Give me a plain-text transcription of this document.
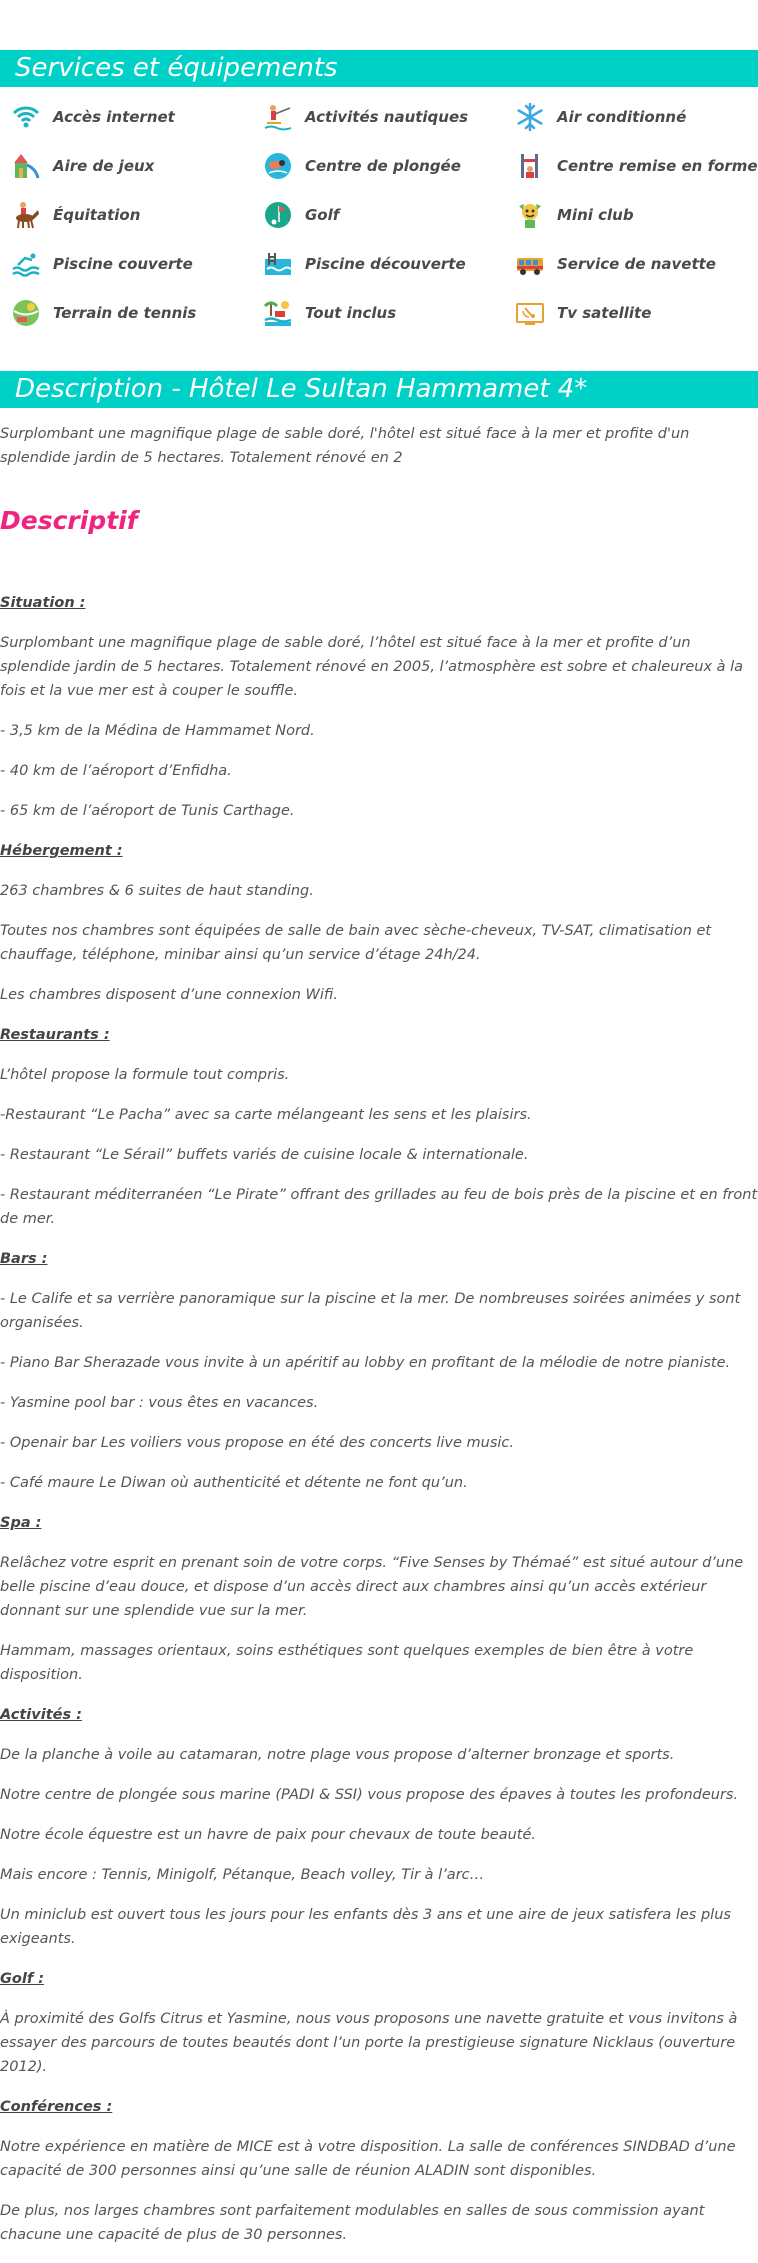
Services et équipements
Accès internet	Activités nautiques	Air conditionné
Aire de jeux	Centre de plongée	Centre remise en forme
Équitation	Golf	Mini club
Piscine couverte	Piscine découverte	Service de navette
Terrain de tennis	Tout inclus	Tv satellite
Description - Hôtel Le Sultan Hammamet 4*

Surplombant une magnifique plage de sable doré, l'hôtel est situé face à la mer et profite d'un splendide jardin de 5 hectares. Totalement rénové en 2

Descriptif

Situation :

Surplombant une magnifique plage de sable doré, l’hôtel est situé face à la mer et profite d’un splendide jardin de 5 hectares. Totalement rénové en 2005, l’atmosphère est sobre et chaleureux à la fois et la vue mer est à couper le souffle.

- 3,5 km de la Médina de Hammamet Nord.

- 40 km de l’aéroport d’Enfidha.

- 65 km de l’aéroport de Tunis Carthage.

Hébergement :

263 chambres & 6 suites de haut standing.

Toutes nos chambres sont équipées de salle de bain avec sèche-cheveux, TV-SAT, climatisation et chauffage, téléphone, minibar ainsi qu’un service d’étage 24h/24.

Les chambres disposent d’une connexion Wifi.

Restaurants :

L’hôtel propose la formule tout compris.

-Restaurant “Le Pacha” avec sa carte mélangeant les sens et les plaisirs.

- Restaurant “Le Sérail” buffets variés de cuisine locale & internationale.

- Restaurant méditerranéen “Le Pirate” offrant des grillades au feu de bois près de la piscine et en front de mer.

Bars :

- Le Calife et sa verrière panoramique sur la piscine et la mer. De nombreuses soirées animées y sont organisées.

- Piano Bar Sherazade vous invite à un apéritif au lobby en profitant de la mélodie de notre pianiste.

- Yasmine pool bar : vous êtes en vacances.

- Openair bar Les voiliers vous propose en été des concerts live music.

- Café maure Le Diwan où authenticité et détente ne font qu’un.

Spa :

Relâchez votre esprit en prenant soin de votre corps. “Five Senses by Thémaé” est situé autour d’une belle piscine d’eau douce, et dispose d’un accès direct aux chambres ainsi qu’un accès extérieur donnant sur une splendide vue sur la mer.

Hammam, massages orientaux, soins esthétiques sont quelques exemples de bien être à votre disposition.

Activités :

De la planche à voile au catamaran, notre plage vous propose d’alterner bronzage et sports.

Notre centre de plongée sous marine (PADI & SSI) vous propose des épaves à toutes les profondeurs.

Notre école équestre est un havre de paix pour chevaux de toute beauté.

Mais encore : Tennis, Minigolf, Pétanque, Beach volley, Tir à l’arc…

Un miniclub est ouvert tous les jours pour les enfants dès 3 ans et une aire de jeux satisfera les plus exigeants.

Golf :

À proximité des Golfs Citrus et Yasmine, nous vous proposons une navette gratuite et vous invitons à essayer des parcours de toutes beautés dont l’un porte la prestigieuse signature Nicklaus (ouverture 2012).

Conférences :

Notre expérience en matière de MICE est à votre disposition. La salle de conférences SINDBAD d’une capacité de 300 personnes ainsi qu’une salle de réunion ALADIN sont disponibles.

De plus, nos larges chambres sont parfaitement modulables en salles de sous commission ayant chacune une capacité de plus de 30 personnes.
